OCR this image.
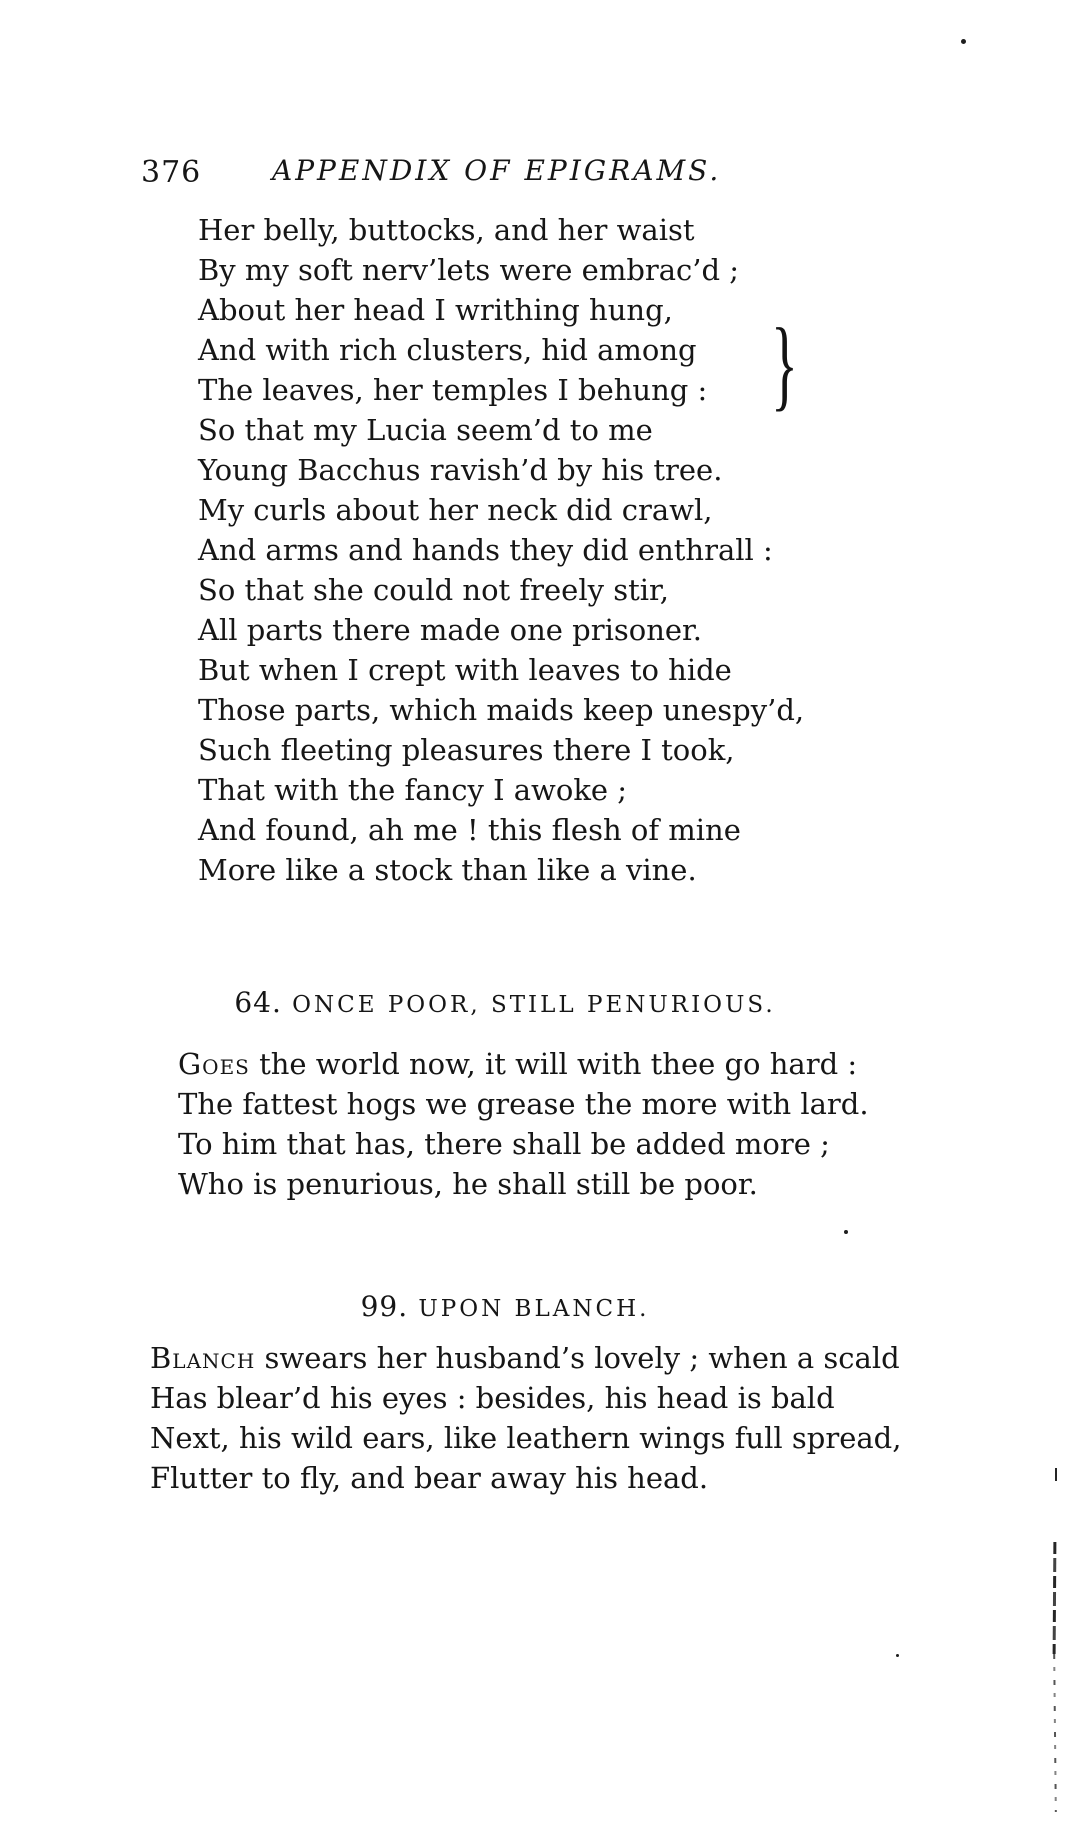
376	APPENDIX OF EPIGRAMS.
Her belly, buttocks, and her waist
By my soft nerv’lets were embrac’d ;
About her head I writhing hung,
And with rich clusters, hid among
The leaves, her temples I behung :
So that my Lucia seem’d to me
Young Bacchus ravish’d by his tree.
My curls about her neck did crawl,
And arms and hands they did enthrall :
So that she could not freely stir,
All parts there made one prisoner.
But when I crept with leaves to hide
Those parts, which maids keep unespy’d,
Such fleeting pleasures there I took,
That with the fancy I awoke ;
And found, ah me ! this flesh of mine
More like a stock than like a vine.
}
64. ONCE POOR, STILL PENURIOUS.
Goes the world now, it will with thee go hard :
The fattest hogs we grease the more with lard.
To him that has, there shall be added more ;
Who is penurious, he shall still be poor.
99. UPON BLANCH.
Blanch swears her husband’s lovely ; when a scald
Has blear’d his eyes : besides, his head is bald
Next, his wild ears, like leathern wings full spread,
Flutter to fly, and bear away his head.
